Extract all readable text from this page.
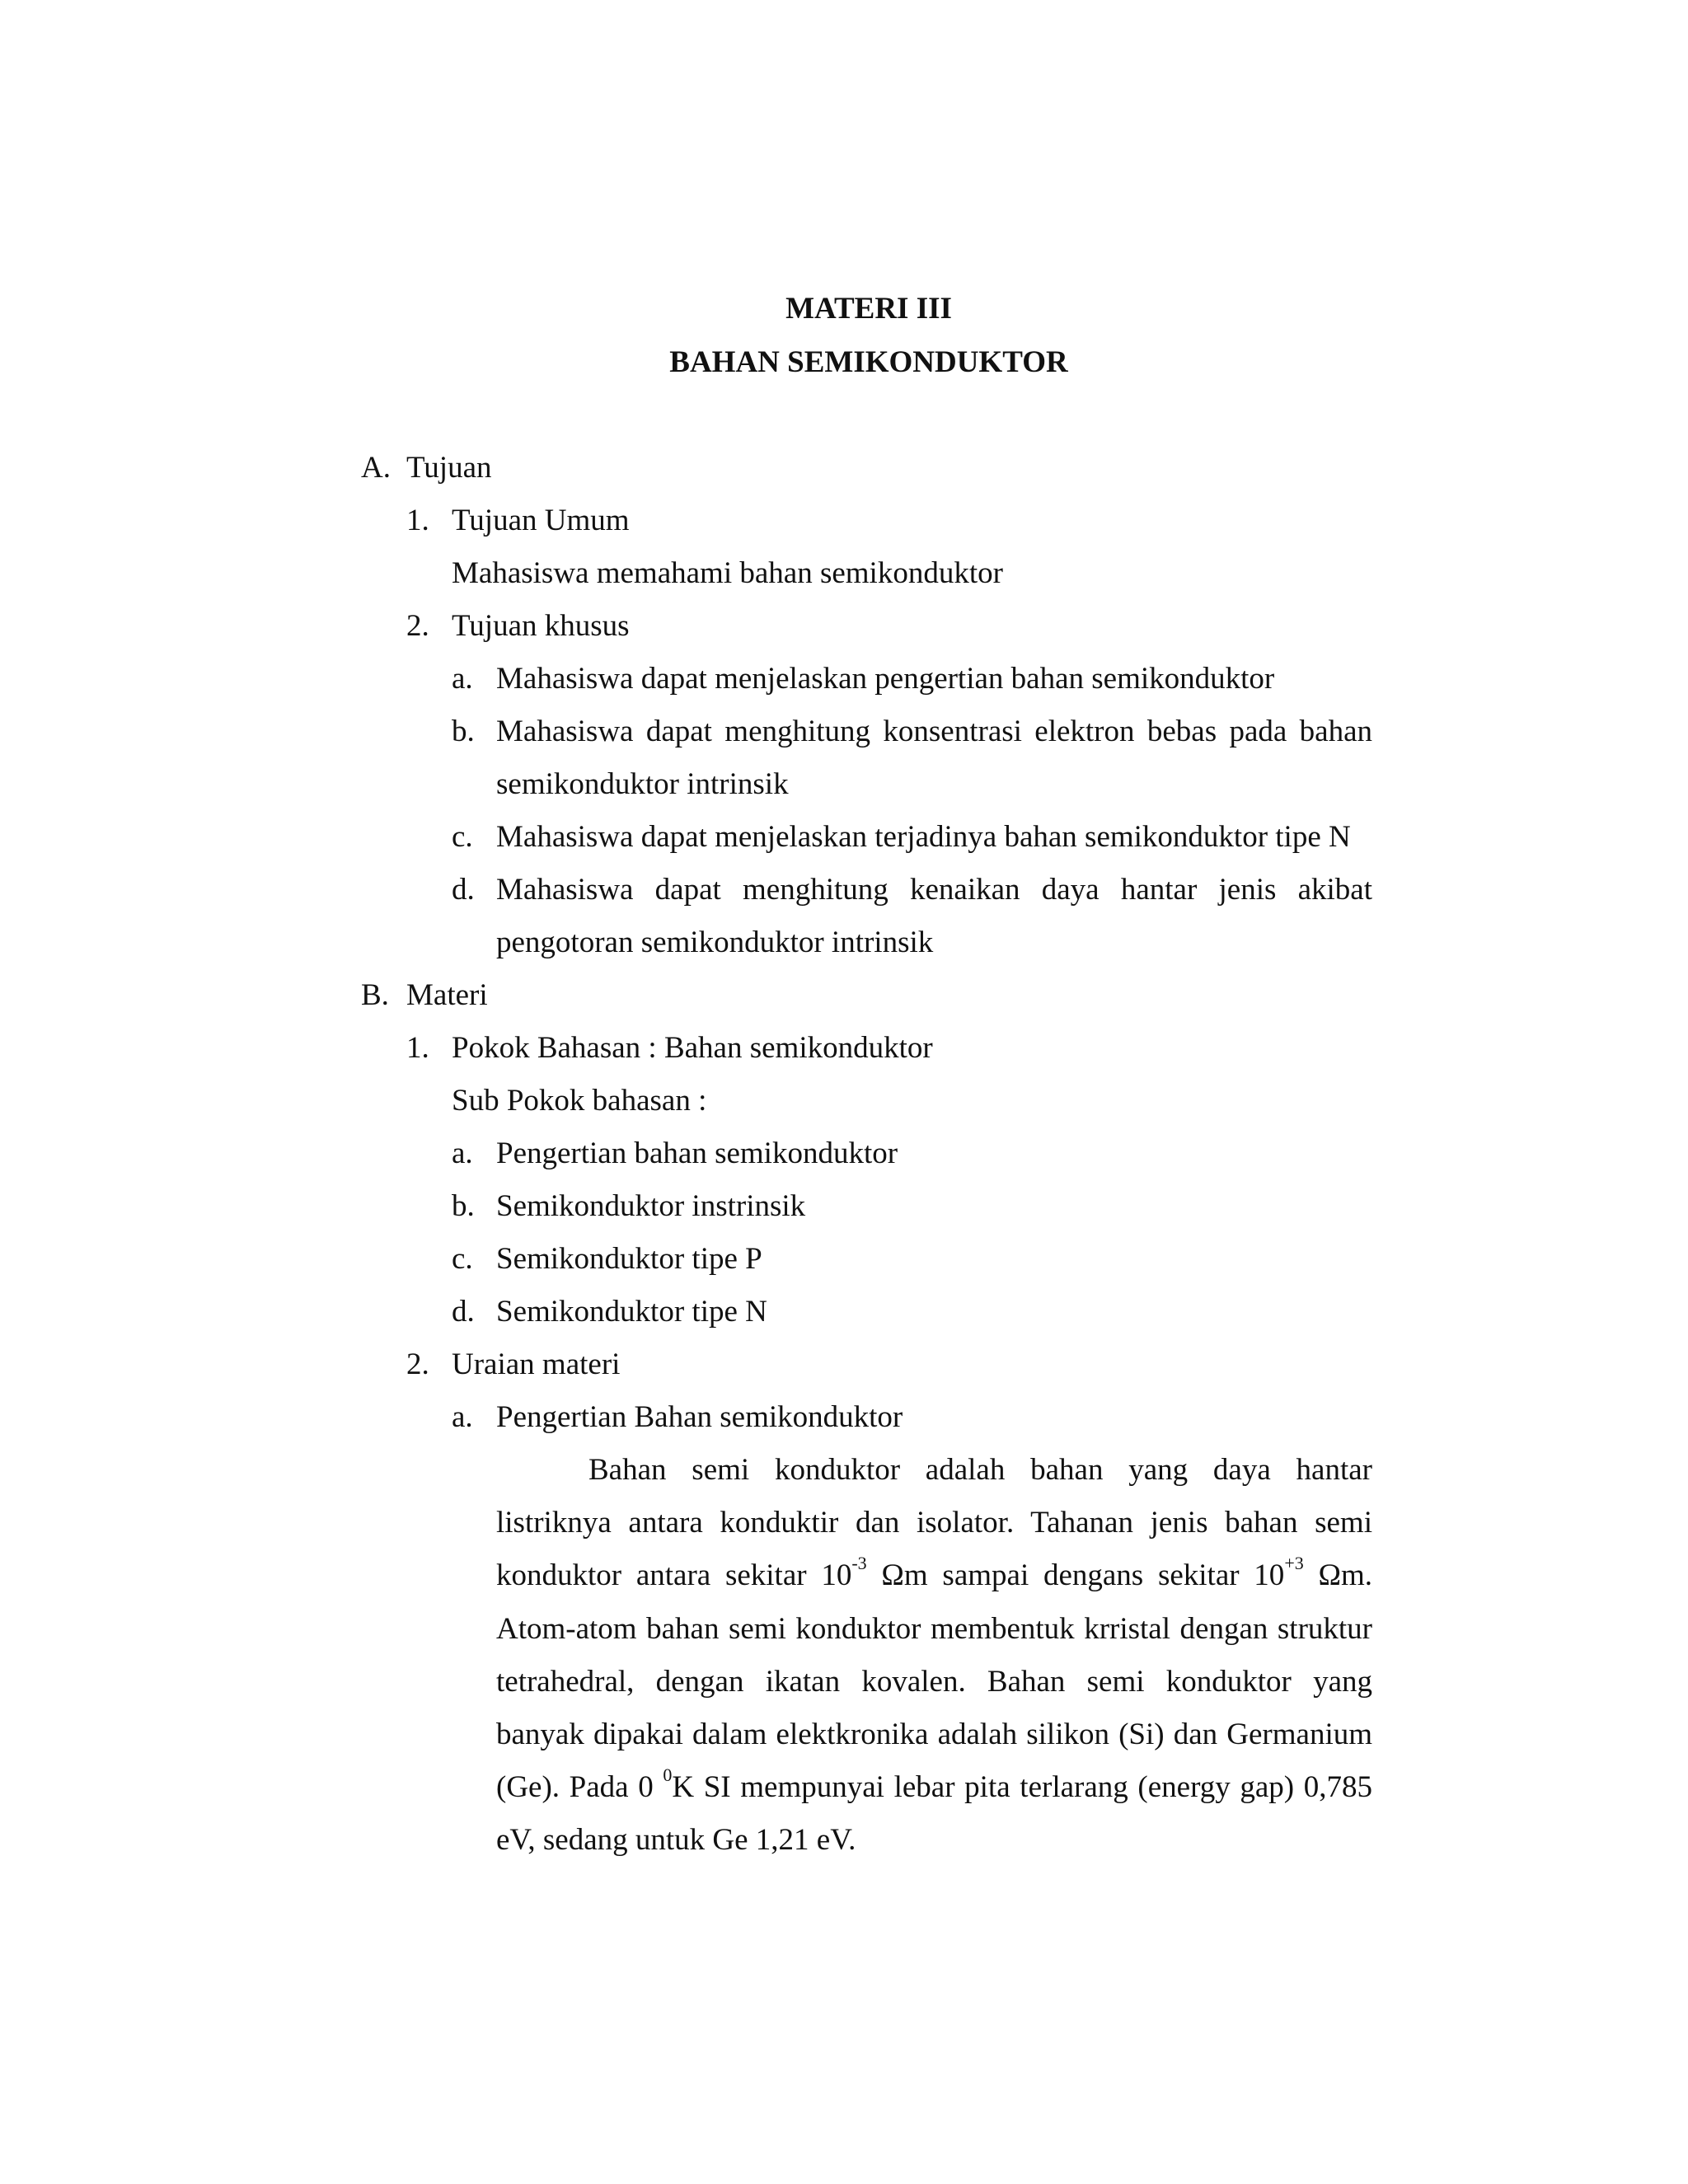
MATERI III
BAHAN SEMIKONDUKTOR
A. Tujuan
1. Tujuan Umum
Mahasiswa memahami bahan semikonduktor
2. Tujuan khusus
a. Mahasiswa dapat menjelaskan pengertian bahan semikonduktor
b. Mahasiswa dapat menghitung konsentrasi elektron bebas pada bahan

semikonduktor intrinsik
c. Mahasiswa dapat menjelaskan terjadinya bahan semikonduktor tipe N
d. Mahasiswa dapat menghitung kenaikan daya hantar jenis akibat

pengotoran semikonduktor intrinsik
B. Materi
1. Pokok Bahasan : Bahan semikonduktor
Sub Pokok bahasan :
a. Pengertian bahan semikonduktor
b. Semikonduktor instrinsik
c. Semikonduktor tipe P
d. Semikonduktor tipe N
2. Uraian materi
a. Pengertian Bahan semikonduktor

Bahan semi konduktor adalah bahan yang daya hantar

listriknya antara konduktir dan isolator. Tahanan jenis bahan semi

konduktor antara sekitar $10^{-3}$ Ωm sampai dengans sekitar $10^{+3}$ Ωm.

Atom-atom bahan semi konduktor membentuk krristal dengan struktur

tetrahedral, dengan ikatan kovalen. Bahan semi konduktor yang

banyak dipakai dalam elektkronika adalah silikon (Si) dan Germanium

(Ge). Pada 0 $^0$K SI mempunyai lebar pita terlarang (energy gap) 0,785

eV, sedang untuk Ge 1,21 eV.
